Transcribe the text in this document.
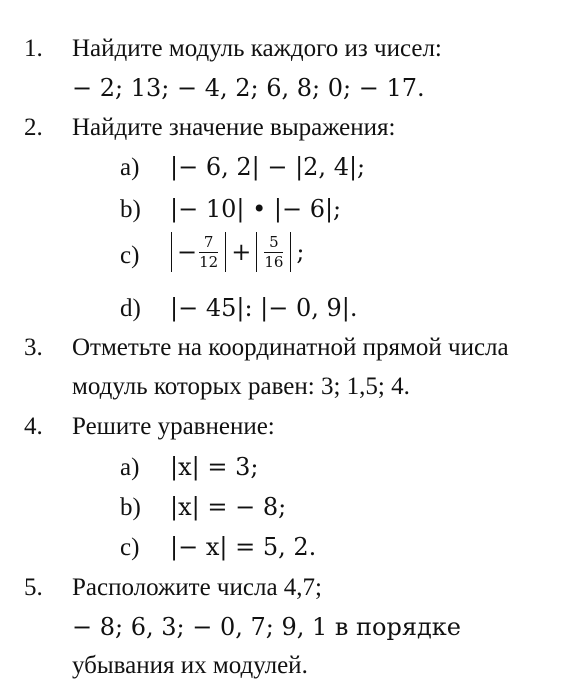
1. Найдите модуль каждого из чисел:
− 2; 13; − 4, 2; 6, 8; 0; − 17.
2. Найдите значение выражения:
a) |− 6, 2| − |2, 4|;
b) |− 10| • |− 6|;
$c) - \frac{7}{12} + \frac{5}{16}$ ;
d) |− 45|: |− 0, 9|.
3. Отметьте на координатной прямой числа
модуль которых равен: 3; 1,5; 4.
4. Решите уравнение:
a) |x| = 3;
b) |x| = − 8;
c) |− x| = 5, 2.
5. Расположите числа 4,7;
− 8; 6, 3; − 0, 7; 9, 1 в порядке
убывания их модулей.
